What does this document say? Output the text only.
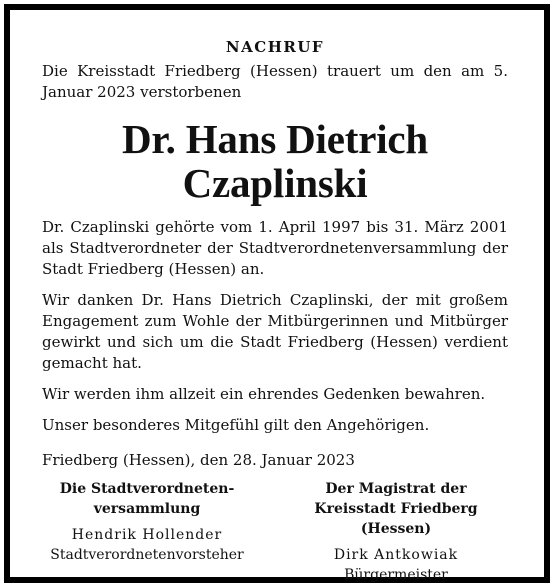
NACHRUF

Die Kreisstadt Friedberg (Hessen) trauert um den am 5. Januar 2023 verstorbenen

Dr. Hans Dietrich
Czaplinski

Dr. Czaplinski gehörte vom 1. April 1997 bis 31. März 2001 als Stadtverordneter der Stadtverordnetenversammlung der Stadt Friedberg (Hessen) an.

Wir danken Dr. Hans Dietrich Czaplinski, der mit großem Engagement zum Wohle der Mitbürgerinnen und Mitbürger gewirkt und sich um die Stadt Friedberg (Hessen) verdient gemacht hat.

Wir werden ihm allzeit ein ehrendes Gedenken bewahren.

Unser besonderes Mitgefühl gilt den Angehörigen.

Friedberg (Hessen), den 28. Januar 2023

Die Stadtverordneten-
versammlung
Hendrik Hollender
Stadtverordnetenvorsteher
Der Magistrat der
Kreisstadt Friedberg (Hessen)
Dirk Antkowiak
Bürgermeister
